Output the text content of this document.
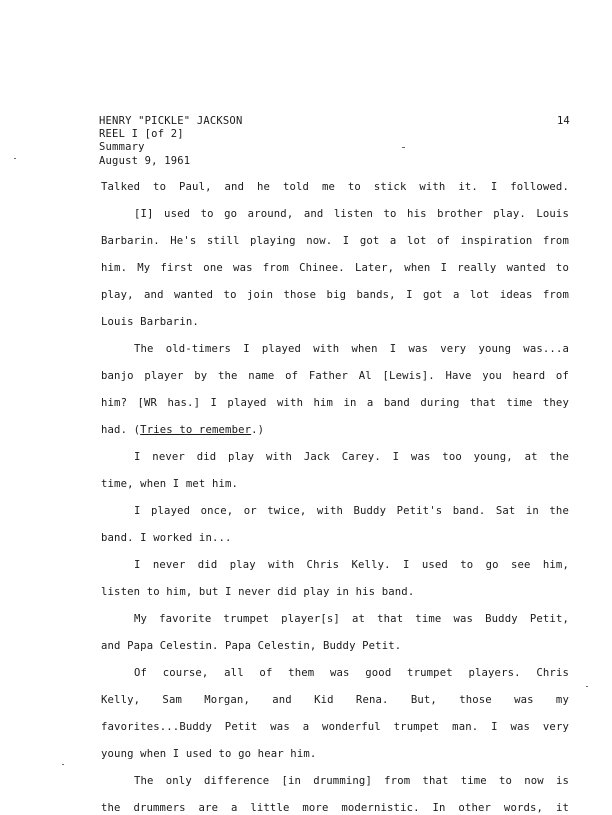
HENRY "PICKLE" JACKSON
REEL I [of 2]
Summary
August 9, 1961
14
Talked to Paul, and he told me to stick with it. I followed.
[I] used to go around, and listen to his brother play. Louis
Barbarin. He's still playing now. I got a lot of inspiration from
him. My first one was from Chinee. Later, when I really wanted to
play, and wanted to join those big bands, I got a lot ideas from
Louis Barbarin.
The old-timers I played with when I was very young was...a
banjo player by the name of Father Al [Lewis]. Have you heard of
him? [WR has.] I played with him in a band during that time they
had. (Tries to remember.)
I never did play with Jack Carey. I was too young, at the
time, when I met him.
I played once, or twice, with Buddy Petit's band. Sat in the
band. I worked in...
I never did play with Chris Kelly. I used to go see him,
listen to him, but I never did play in his band.
My favorite trumpet player[s] at that time was Buddy Petit,
and Papa Celestin. Papa Celestin, Buddy Petit.
Of course, all of them was good trumpet players. Chris
Kelly, Sam Morgan, and Kid Rena. But, those was my
favorites...Buddy Petit was a wonderful trumpet man. I was very
young when I used to go hear him.
The only difference [in drumming] from that time to now is
the drummers are a little more modernistic. In other words, it
